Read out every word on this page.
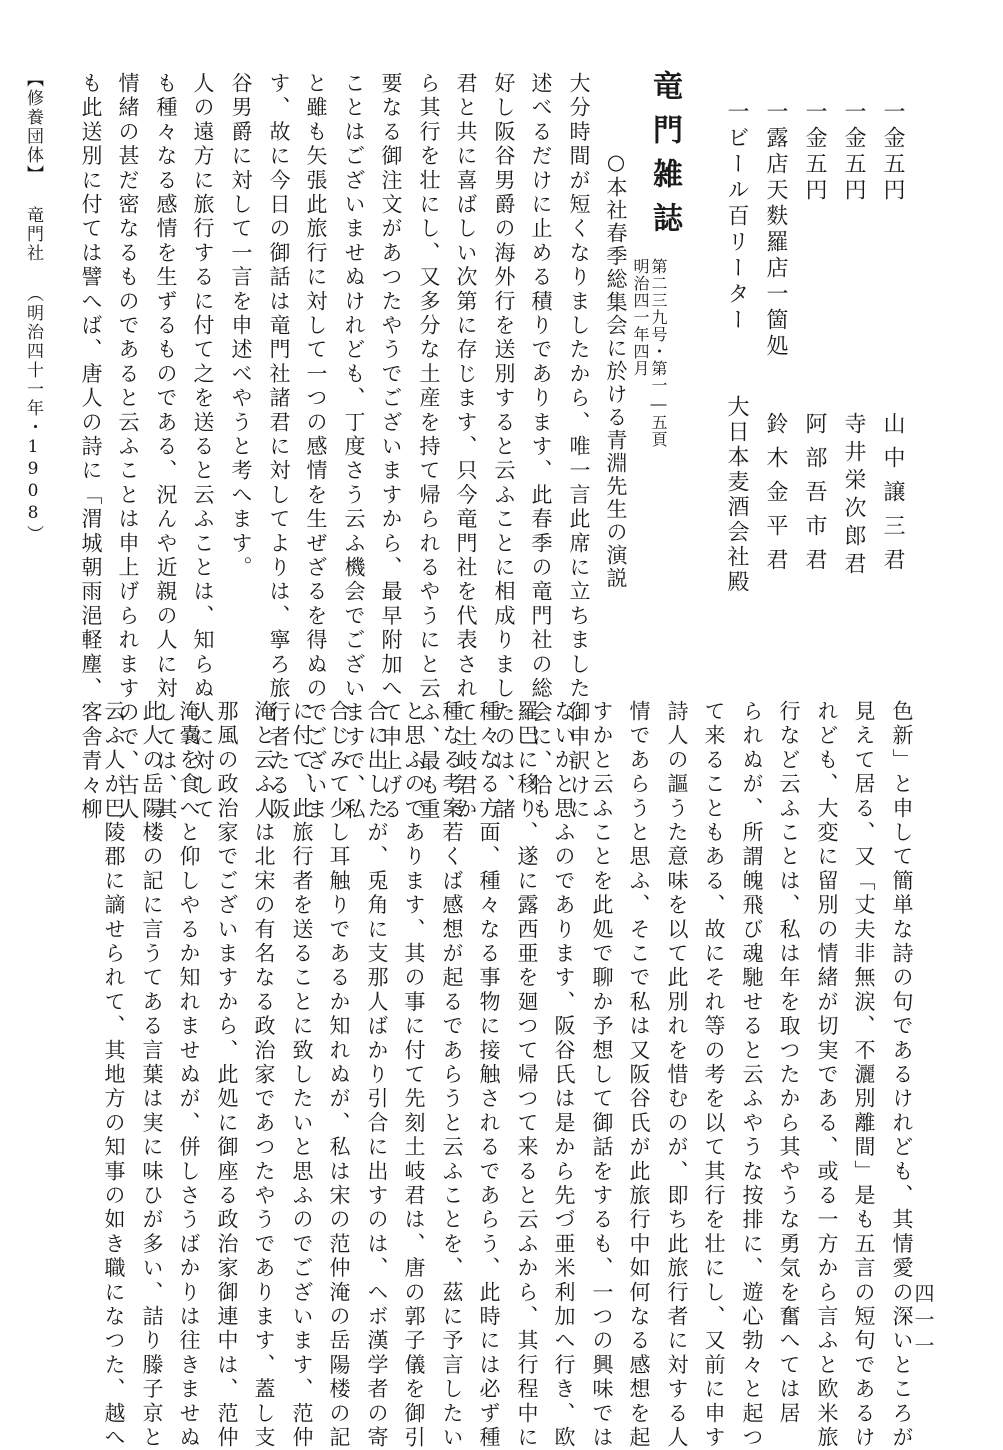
一金五円
山中譲三君
一金五円
寺井栄次郎君
一金五円
阿部吾市君
一露店天麩羅店一箇処
鈴木金平君
一ビール百リーター
大日本麦酒会社殿
竜門雑誌
第二三九号・第一―五頁
明治四一年四月
○本社春季総集会に於ける青淵先生の演説
大分時間が短くなりましたから、唯一言此席に立ちました御申訳けに
述べるだけに止める積りであります、此春季の竜門社の総会に、恰も
好し阪谷男爵の海外行を送別すると云ふことに相成りましたのは、諸
君と共に喜ばしい次第に存じます、只今竜門社を代表されて土岐君か
ら其行を壮にし、又多分な土産を持て帰られるやうにと云ふ、最も重
要なる御注文があつたやうでございますから、最早附加へて申上げる
ことはございませぬけれども、丁度さう云ふ機会でございますで、私
と雖も矢張此旅行に対して一つの感情を生ぜざるを得ぬのでございま
す、故に今日の御話は竜門社諸君に対してよりは、寧ろ旅行者たる阪
谷男爵に対して一言を申述べやうと考へます。
人の遠方に旅行するに付て之を送ると云ふことは、知らぬ人に対して
も種々なる感情を生ずるものである、況んや近親の人に対しては、其
情緒の甚だ密なるものであると云ふことは申上げられますので、古人
も此送別に付ては譬へば、唐人の詩に「渭城朝雨浥軽塵、客舎青々柳
色新」と申して簡単な詩の句であるけれども、其情愛の深いところが
見えて居る、又「丈夫非無涙、不灑別離間」是も五言の短句であるけ
れども、大変に留別の情緒が切実である、或る一方から言ふと欧米旅
行など云ふことは、私は年を取つたから其やうな勇気を奮へては居
られぬが、所謂魄飛び魂馳せると云ふやうな按排に、遊心勃々と起つ
て来ることもある、故にそれ等の考を以て其行を壮にし、又前に申す
詩人の謳うた意味を以て此別れを惜むのが、即ち此旅行者に対する人
情であらうと思ふ、そこで私は又阪谷氏が此旅行中如何なる感想を起
すかと云ふことを此処で聊か予想して御話をするも、一つの興味では
ないかと思ふのであります、阪谷氏は是から先づ亜米利加へ行き、欧
羅巴に移り、遂に露西亜を廻つて帰つて来ると云ふから、其行程中に
種々なる方面、種々なる事物に接触されるであらう、此時には必ず種
種なる考案若くば感想が起るであらうと云ふことを、茲に予言したい
と思ふのであります、其の事に付て先刻土岐君は、唐の郭子儀を御引
合に出したが、兎角に支那人ばかり引合に出すのは、ヘボ漢学者の寄
合じみて少し耳触りであるか知れぬが、私は宋の范仲淹の岳陽楼の記
に付て、此旅行者を送ることに致したいと思ふのでございます、范仲
淹と云ふ人は北宋の有名なる政治家であつたやうであります、蓋し支
那風の政治家でございますから、此処に御座る政治家御連中は、范仲
淹嚢を食へと仰しやるか知れませぬが、併しさうばかりは往きませぬ
此人の岳陽楼の記に言うてある言葉は実に味ひが多い、詰り滕子京と
云ふ人が巴陵郡に謫せられて、其地方の知事の如き職になつた、越へ
【修養団体】 竜門社 （明治四十一年・1908）
四一一
